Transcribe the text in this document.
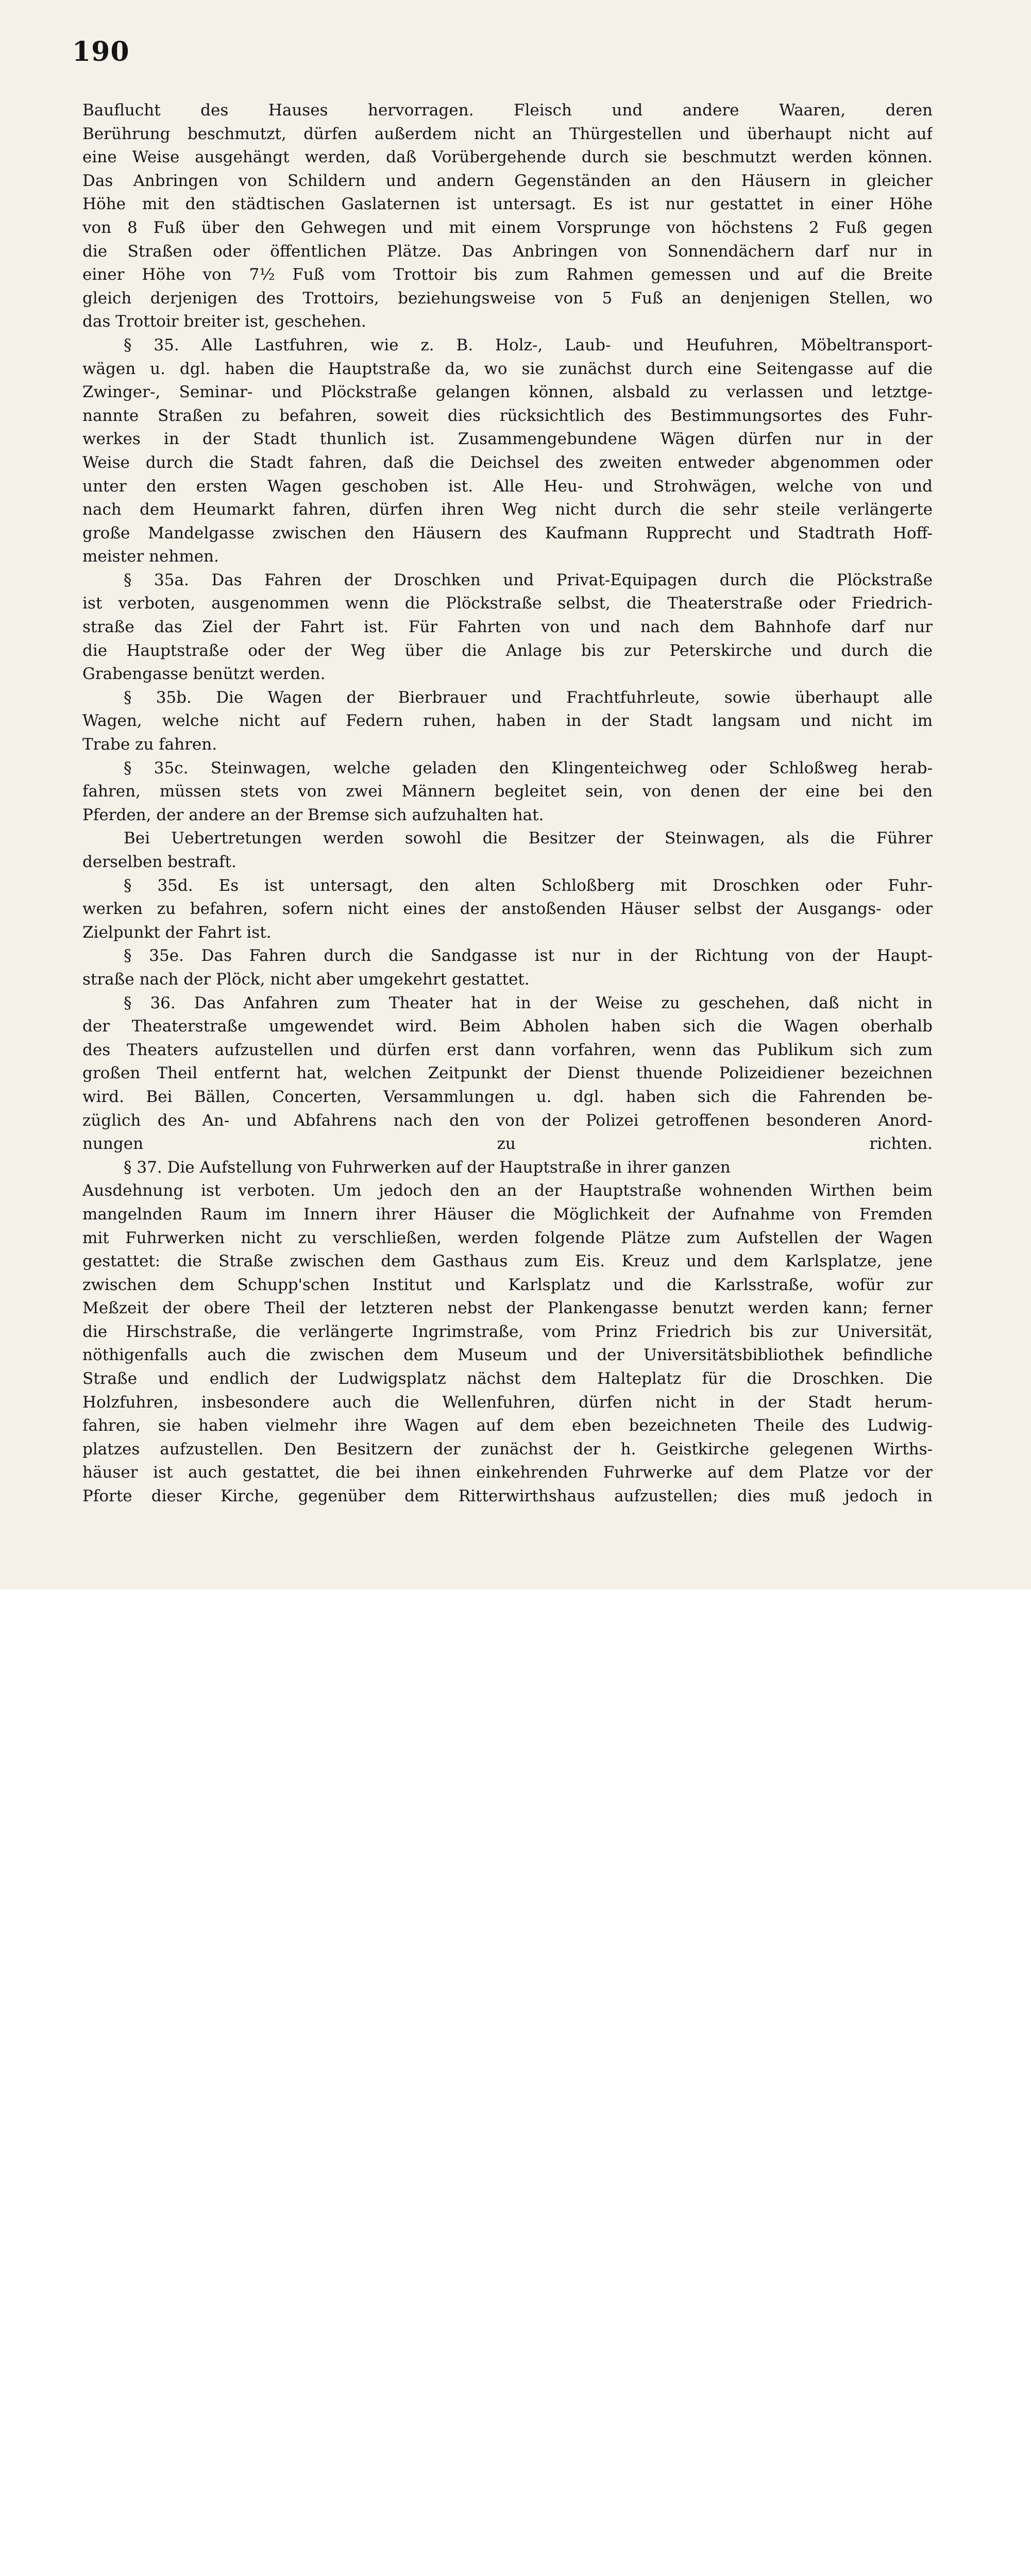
190
Bauflucht des Hauses hervorragen. Fleisch und andere Waaren, deren
Berührung beschmutzt, dürfen außerdem nicht an Thürgestellen und überhaupt nicht auf
eine Weise ausgehängt werden, daß Vorübergehende durch sie beschmutzt werden können.
Das Anbringen von Schildern und andern Gegenständen an den Häusern in gleicher
Höhe mit den städtischen Gaslaternen ist untersagt. Es ist nur gestattet in einer Höhe
von 8 Fuß über den Gehwegen und mit einem Vorsprunge von höchstens 2 Fuß gegen
die Straßen oder öffentlichen Plätze. Das Anbringen von Sonnendächern darf nur in
einer Höhe von 7½ Fuß vom Trottoir bis zum Rahmen gemessen und auf die Breite
gleich derjenigen des Trottoirs, beziehungsweise von 5 Fuß an denjenigen Stellen, wo
das Trottoir breiter ist, geschehen.
§ 35. Alle Lastfuhren, wie z. B. Holz-, Laub- und Heufuhren, Möbeltransport-
wägen u. dgl. haben die Hauptstraße da, wo sie zunächst durch eine Seitengasse auf die
Zwinger-, Seminar- und Plöckstraße gelangen können, alsbald zu verlassen und letztge-
nannte Straßen zu befahren, soweit dies rücksichtlich des Bestimmungsortes des Fuhr-
werkes in der Stadt thunlich ist. Zusammengebundene Wägen dürfen nur in der
Weise durch die Stadt fahren, daß die Deichsel des zweiten entweder abgenommen oder
unter den ersten Wagen geschoben ist. Alle Heu- und Strohwägen, welche von und
nach dem Heumarkt fahren, dürfen ihren Weg nicht durch die sehr steile verlängerte
große Mandelgasse zwischen den Häusern des Kaufmann Rupprecht und Stadtrath Hoff-
meister nehmen.
§ 35a. Das Fahren der Droschken und Privat-Equipagen durch die Plöckstraße
ist verboten, ausgenommen wenn die Plöckstraße selbst, die Theaterstraße oder Friedrich-
straße das Ziel der Fahrt ist. Für Fahrten von und nach dem Bahnhofe darf nur
die Hauptstraße oder der Weg über die Anlage bis zur Peterskirche und durch die
Grabengasse benützt werden.
§ 35b. Die Wagen der Bierbrauer und Frachtfuhrleute, sowie überhaupt alle
Wagen, welche nicht auf Federn ruhen, haben in der Stadt langsam und nicht im
Trabe zu fahren.
§ 35c. Steinwagen, welche geladen den Klingenteichweg oder Schloßweg herab-
fahren, müssen stets von zwei Männern begleitet sein, von denen der eine bei den
Pferden, der andere an der Bremse sich aufzuhalten hat.
Bei Uebertretungen werden sowohl die Besitzer der Steinwagen, als die Führer
derselben bestraft.
§ 35d. Es ist untersagt, den alten Schloßberg mit Droschken oder Fuhr-
werken zu befahren, sofern nicht eines der anstoßenden Häuser selbst der Ausgangs- oder
Zielpunkt der Fahrt ist.
§ 35e. Das Fahren durch die Sandgasse ist nur in der Richtung von der Haupt-
straße nach der Plöck, nicht aber umgekehrt gestattet.
§ 36. Das Anfahren zum Theater hat in der Weise zu geschehen, daß nicht in
der Theaterstraße umgewendet wird. Beim Abholen haben sich die Wagen oberhalb
des Theaters aufzustellen und dürfen erst dann vorfahren, wenn das Publikum sich zum
großen Theil entfernt hat, welchen Zeitpunkt der Dienst thuende Polizeidiener bezeichnen
wird. Bei Bällen, Concerten, Versammlungen u. dgl. haben sich die Fahrenden be-
züglich des An- und Abfahrens nach den von der Polizei getroffenen besonderen Anord-
nungen zu richten.
§ 37. Die Aufstellung von Fuhrwerken auf der Hauptstraße in ihrer ganzen
Ausdehnung ist verboten. Um jedoch den an der Hauptstraße wohnenden Wirthen beim
mangelnden Raum im Innern ihrer Häuser die Möglichkeit der Aufnahme von Fremden
mit Fuhrwerken nicht zu verschließen, werden folgende Plätze zum Aufstellen der Wagen
gestattet: die Straße zwischen dem Gasthaus zum Eis. Kreuz und dem Karlsplatze, jene
zwischen dem Schupp'schen Institut und Karlsplatz und die Karlsstraße, wofür zur
Meßzeit der obere Theil der letzteren nebst der Plankengasse benutzt werden kann; ferner
die Hirschstraße, die verlängerte Ingrimstraße, vom Prinz Friedrich bis zur Universität,
nöthigenfalls auch die zwischen dem Museum und der Universitätsbibliothek befindliche
Straße und endlich der Ludwigsplatz nächst dem Halteplatz für die Droschken. Die
Holzfuhren, insbesondere auch die Wellenfuhren, dürfen nicht in der Stadt herum-
fahren, sie haben vielmehr ihre Wagen auf dem eben bezeichneten Theile des Ludwig-
platzes aufzustellen. Den Besitzern der zunächst der h. Geistkirche gelegenen Wirths-
häuser ist auch gestattet, die bei ihnen einkehrenden Fuhrwerke auf dem Platze vor der
Pforte dieser Kirche, gegenüber dem Ritterwirthshaus aufzustellen; dies muß jedoch in
